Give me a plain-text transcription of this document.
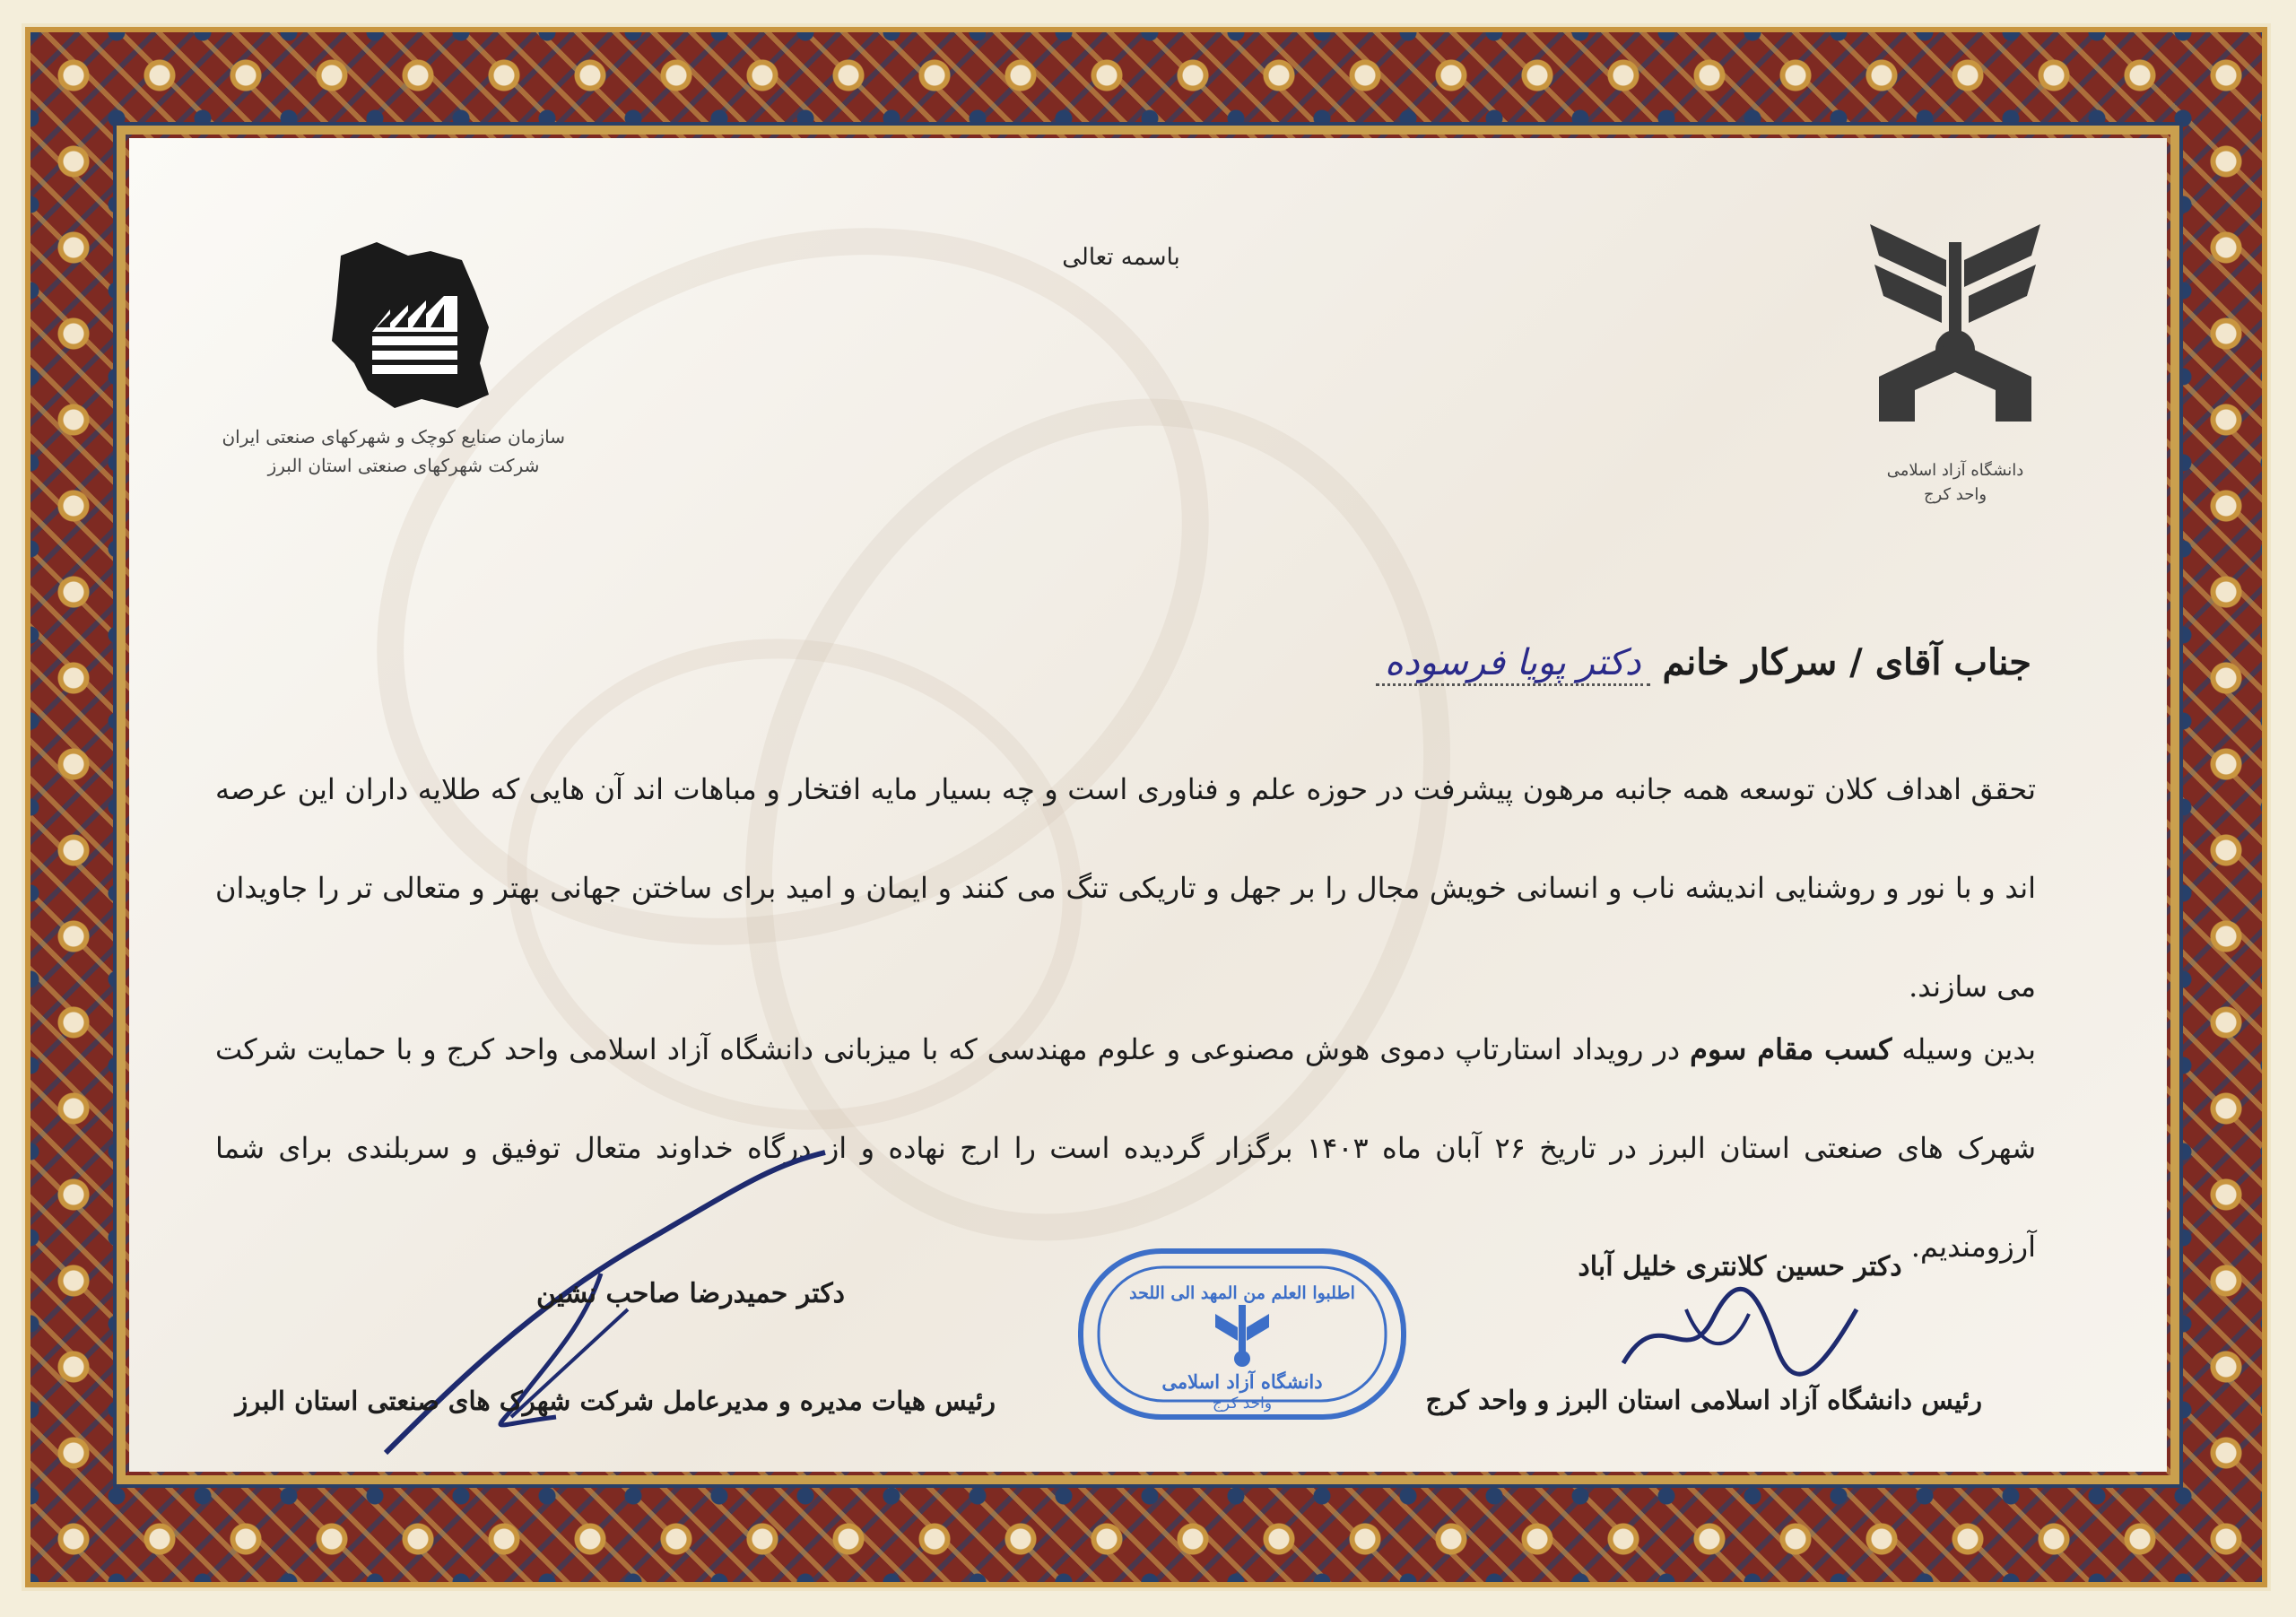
باسمه تعالی
سازمان صنایع کوچک و شهرکهای صنعتی ایران
شرکت شهرکهای صنعتی استان البرز	دانشگاه آزاد اسلامی
واحد کرج
جناب آقای / سرکار خانم دکتر پویا فرسوده
تحقق اهداف کلان توسعه همه جانبه مرهون پیشرفت در حوزه علم و فناوری است و چه بسیار مایه افتخار و مباهات اند آن هایی که طلایه داران این عرصه اند و با نور و روشنایی اندیشه ناب و انسانی خویش مجال را بر جهل و تاریکی تنگ می کنند و ایمان و امید برای ساختن جهانی بهتر و متعالی تر را جاویدان می سازند.
بدین وسیله کسب مقام سوم در رویداد استارتاپ دموی هوش مصنوعی و علوم مهندسی که با میزبانی دانشگاه آزاد اسلامی واحد کرج و با حمایت شرکت شهرک های صنعتی استان البرز در تاریخ ۲۶ آبان ماه ۱۴۰۳ برگزار گردیده است را ارج نهاده و از درگاه خداوند متعال توفیق و سربلندی برای شما آرزومندیم.
اطلبوا العلم من المهد الی اللحد
دانشگاه آزاد اسلامی
واحد کرج
دکتر حسین کلانتری خلیل آباد
رئیس دانشگاه آزاد اسلامی استان البرز و واحد کرج
دکتر حمیدرضا صاحب نشین
رئیس هیات مدیره و مدیرعامل شرکت شهرک های صنعتی استان البرز
